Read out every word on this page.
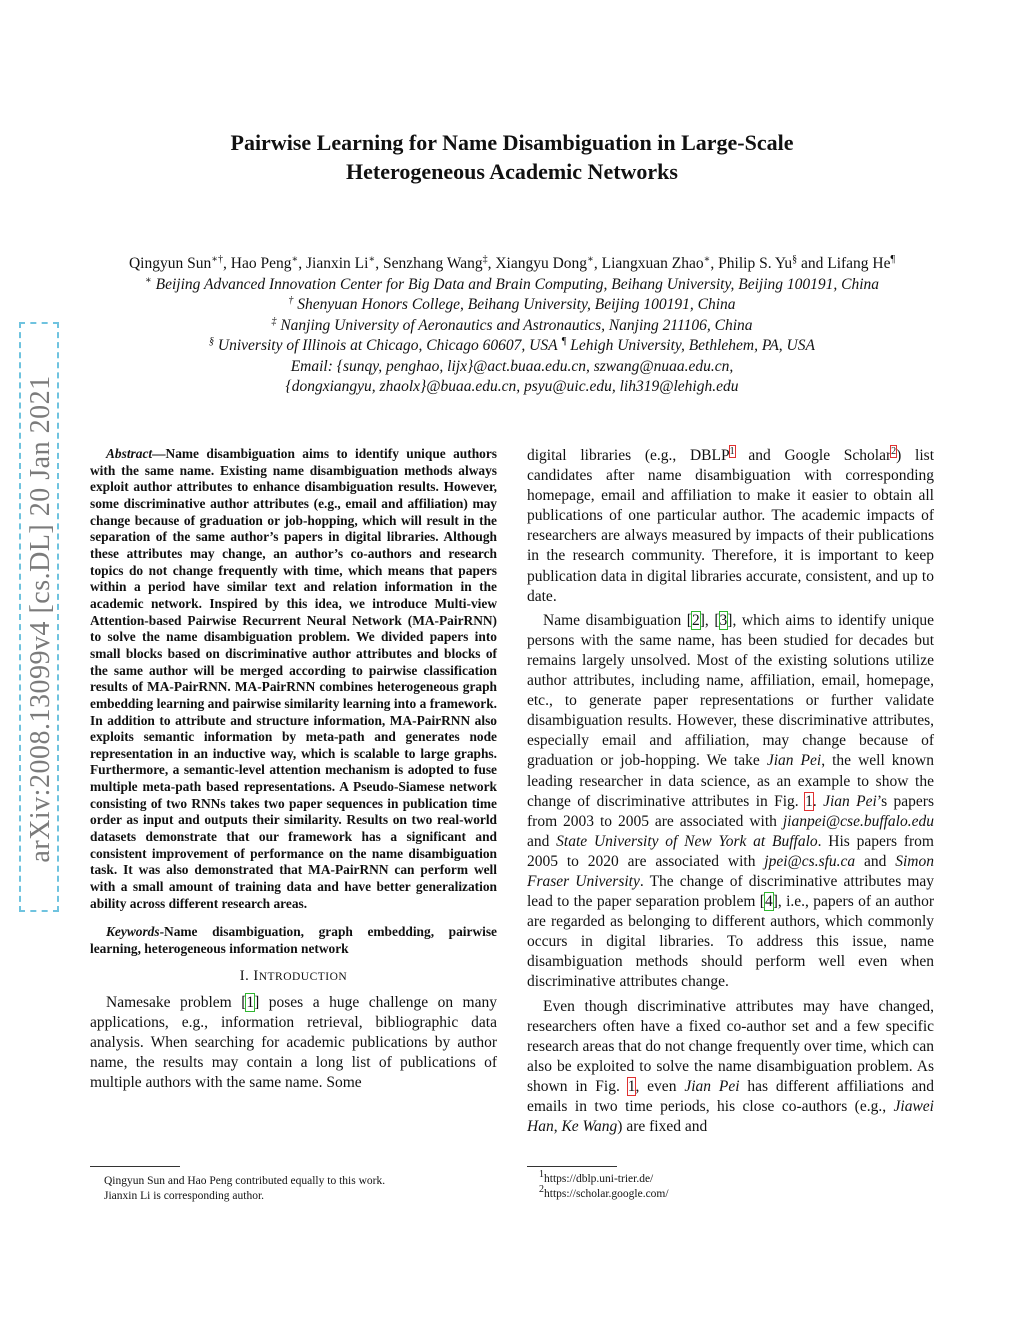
arXiv:2008.13099v4 [cs.DL] 20 Jan 2021
Pairwise Learning for Name Disambiguation in Large-Scale
Heterogeneous Academic Networks
Qingyun Sun∗†, Hao Peng∗, Jianxin Li∗, Senzhang Wang‡, Xiangyu Dong∗, Liangxuan Zhao∗, Philip S. Yu§ and Lifang He¶
∗ Beijing Advanced Innovation Center for Big Data and Brain Computing, Beihang University, Beijing 100191, China
† Shenyuan Honors College, Beihang University, Beijing 100191, China
‡ Nanjing University of Aeronautics and Astronautics, Nanjing 211106, China
§ University of Illinois at Chicago, Chicago 60607, USA ¶ Lehigh University, Bethlehem, PA, USA
Email: {sunqy, penghao, lijx}@act.buaa.edu.cn, szwang@nuaa.edu.cn,
{dongxiangyu, zhaolx}@buaa.edu.cn, psyu@uic.edu, lih319@lehigh.edu

Abstract—Name disambiguation aims to identify unique authors with the same name. Existing name disambiguation methods always exploit author attributes to enhance disambiguation results. However, some discriminative author attributes (e.g., email and affiliation) may change because of graduation or job-hopping, which will result in the separation of the same author’s papers in digital libraries. Although these attributes may change, an author’s co-authors and research topics do not change frequently with time, which means that papers within a period have similar text and relation information in the academic network. Inspired by this idea, we introduce Multi-view Attention-based Pairwise Recurrent Neural Network (MA-PairRNN) to solve the name disambiguation problem. We divided papers into small blocks based on discriminative author attributes and blocks of the same author will be merged according to pairwise classification results of MA-PairRNN. MA-PairRNN combines heterogeneous graph embedding learning and pairwise similarity learning into a framework. In addition to attribute and structure information, MA-PairRNN also exploits semantic information by meta-path and generates node representation in an inductive way, which is scalable to large graphs. Furthermore, a semantic-level attention mechanism is adopted to fuse multiple meta-path based representations. A Pseudo-Siamese network consisting of two RNNs takes two paper sequences in publication time order as input and outputs their similarity. Results on two real-world datasets demonstrate that our framework has a significant and consistent improvement of performance on the name disambiguation task. It was also demonstrated that MA-PairRNN can perform well with a small amount of training data and have better generalization ability across different research areas.

Keywords-Name disambiguation, graph embedding, pairwise learning, heterogeneous information network

I. INTRODUCTION

Namesake problem [1] poses a huge challenge on many applications, e.g., information retrieval, bibliographic data analysis. When searching for academic publications by author name, the results may contain a long list of publications of multiple authors with the same name. Some

digital libraries (e.g., DBLP$^1$ and Google Scholar$^2$) list candidates after name disambiguation with corresponding homepage, email and affiliation to make it easier to obtain all publications of one particular author. The academic impacts of researchers are always measured by impacts of their publications in the research community. Therefore, it is important to keep publication data in digital libraries accurate, consistent, and up to date.

Name disambiguation [2], [3], which aims to identify unique persons with the same name, has been studied for decades but remains largely unsolved. Most of the existing solutions utilize author attributes, including name, affiliation, email, homepage, etc., to generate paper representations or further validate disambiguation results. However, these discriminative attributes, especially email and affiliation, may change because of graduation or job-hopping. We take Jian Pei, the well known leading researcher in data science, as an example to show the change of discriminative attributes in Fig. 1. Jian Pei’s papers from 2003 to 2005 are associated with jianpei@cse.buffalo.edu and State University of New York at Buffalo. His papers from 2005 to 2020 are associated with jpei@cs.sfu.ca and Simon Fraser University. The change of discriminative attributes may lead to the paper separation problem [4], i.e., papers of an author are regarded as belonging to different authors, which commonly occurs in digital libraries. To address this issue, name disambiguation methods should perform well even when discriminative attributes change.

Even though discriminative attributes may have changed, researchers often have a fixed co-author set and a few specific research areas that do not change frequently over time, which can also be exploited to solve the name disambiguation problem. As shown in Fig. 1, even Jian Pei has different affiliations and emails in two time periods, his close co-authors (e.g., Jiawei Han, Ke Wang) are fixed and

Qingyun Sun and Hao Peng contributed equally to this work.
Jianxin Li is corresponding author.
$^1$https://dblp.uni-trier.de/
$^2$https://scholar.google.com/
